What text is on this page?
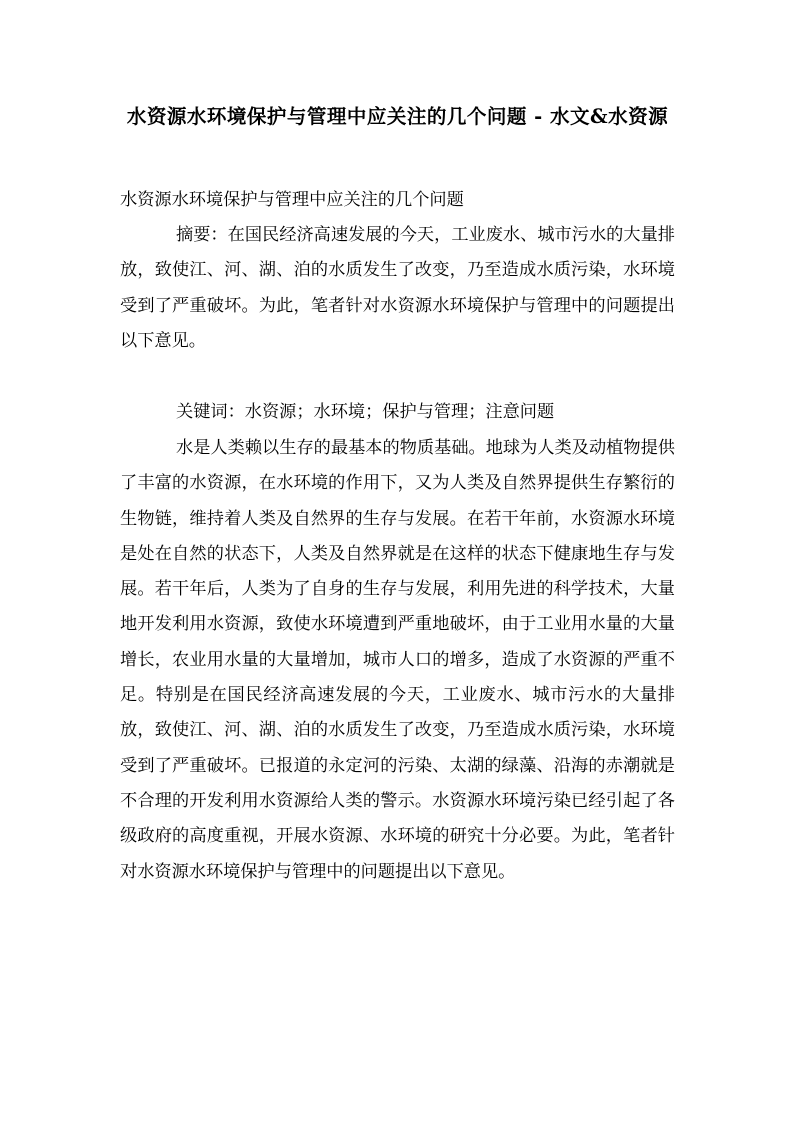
水资源水环境保护与管理中应关注的几个问题 - 水文&水资源

水资源水环境保护与管理中应关注的几个问题

摘要：在国民经济高速发展的今天，工业废水、城市污水的大量排放，致使江、河、湖、泊的水质发生了改变，乃至造成水质污染，水环境受到了严重破坏。为此，笔者针对水资源水环境保护与管理中的问题提出以下意见。

关键词：水资源；水环境；保护与管理；注意问题

水是人类赖以生存的最基本的物质基础。地球为人类及动植物提供了丰富的水资源，在水环境的作用下，又为人类及自然界提供生存繁衍的生物链，维持着人类及自然界的生存与发展。在若干年前，水资源水环境是处在自然的状态下，人类及自然界就是在这样的状态下健康地生存与发展。若干年后，人类为了自身的生存与发展，利用先进的科学技术，大量地开发利用水资源，致使水环境遭到严重地破坏，由于工业用水量的大量增长，农业用水量的大量增加，城市人口的增多，造成了水资源的严重不足。特别是在国民经济高速发展的今天，工业废水、城市污水的大量排放，致使江、河、湖、泊的水质发生了改变，乃至造成水质污染，水环境受到了严重破坏。已报道的永定河的污染、太湖的绿藻、沿海的赤潮就是不合理的开发利用水资源给人类的警示。水资源水环境污染已经引起了各级政府的高度重视，开展水资源、水环境的研究十分必要。为此，笔者针对水资源水环境保护与管理中的问题提出以下意见。
